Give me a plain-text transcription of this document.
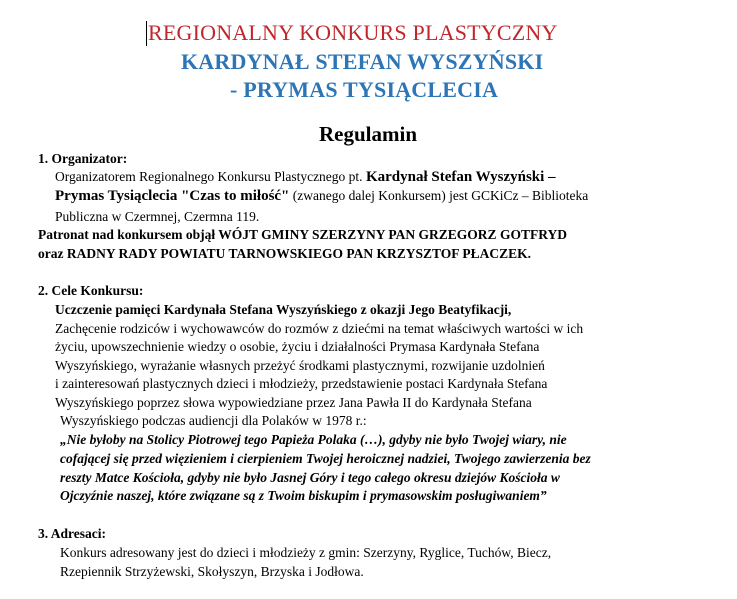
REGIONALNY KONKURS PLASTYCZNY
KARDYNAŁ STEFAN WYSZYŃSKI
- PRYMAS TYSIĄCLECIA
Regulamin
1. Organizator:
Organizatorem Regionalnego Konkursu Plastycznego pt. Kardynał Stefan Wyszyński –
Prymas Tysiąclecia "Czas to miłość" (zwanego dalej Konkursem) jest GCKiCz – Biblioteka
Publiczna w Czermnej, Czermna 119.
Patronat nad konkursem objął WÓJT GMINY SZERZYNY PAN GRZEGORZ GOTFRYD
oraz RADNY RADY POWIATU TARNOWSKIEGO PAN KRZYSZTOF PŁACZEK.
2. Cele Konkursu:
Uczczenie pamięci Kardynała Stefana Wyszyńskiego z okazji Jego Beatyfikacji,
Zachęcenie rodziców i wychowawców do rozmów z dziećmi na temat właściwych wartości w ich
życiu, upowszechnienie wiedzy o osobie, życiu i działalności Prymasa Kardynała Stefana
Wyszyńskiego, wyrażanie własnych przeżyć środkami plastycznymi, rozwijanie uzdolnień
i zainteresowań plastycznych dzieci i młodzieży, przedstawienie postaci Kardynała Stefana
Wyszyńskiego poprzez słowa wypowiedziane przez Jana Pawła II do Kardynała Stefana
Wyszyńskiego podczas audiencji dla Polaków w 1978 r.:
„Nie byłoby na Stolicy Piotrowej tego Papieża Polaka (…), gdyby nie było Twojej wiary, nie
cofającej się przed więzieniem i cierpieniem Twojej heroicznej nadziei, Twojego zawierzenia bez
reszty Matce Kościoła, gdyby nie było Jasnej Góry i tego całego okresu dziejów Kościoła w
Ojczyźnie naszej, które związane są z Twoim biskupim i prymasowskim posługiwaniem”
3. Adresaci:
Konkurs adresowany jest do dzieci i młodzieży z gmin: Szerzyny, Ryglice, Tuchów, Biecz,
Rzepiennik Strzyżewski, Skołyszyn, Brzyska i Jodłowa.
